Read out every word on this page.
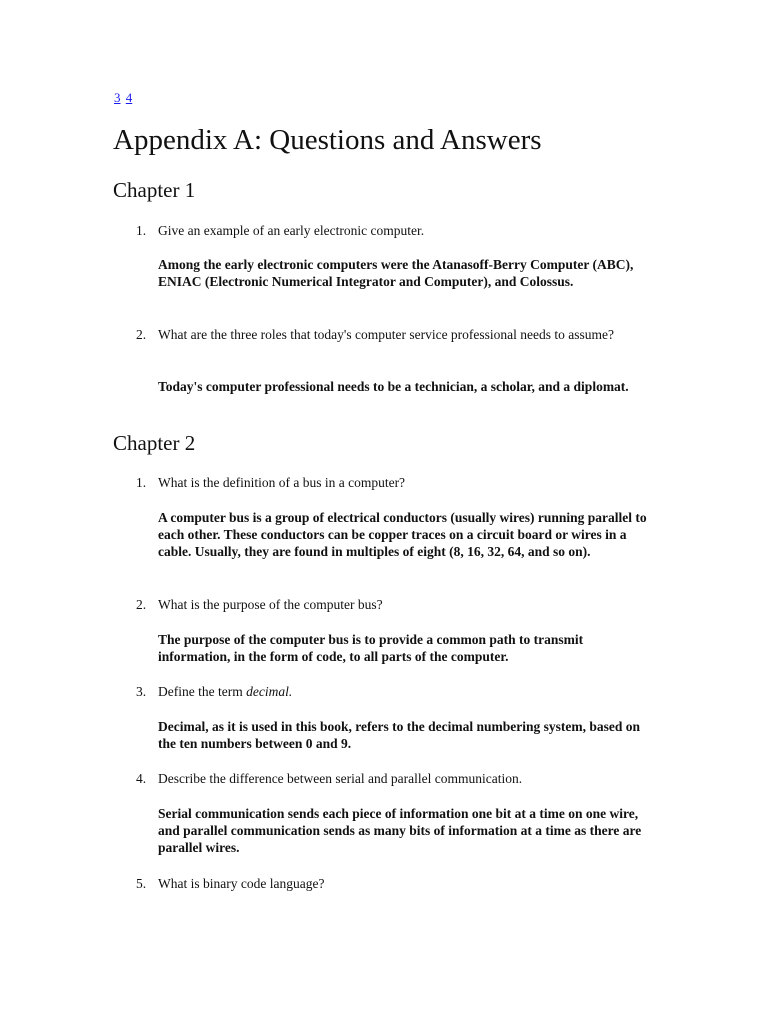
3 4
Appendix A: Questions and Answers
Chapter 1
1. Give an example of an early electronic computer.
Among the early electronic computers were the Atanasoff-Berry Computer (ABC), ENIAC (Electronic Numerical Integrator and Computer), and Colossus.
2. What are the three roles that today's computer service professional needs to assume?
Today's computer professional needs to be a technician, a scholar, and a diplomat.
Chapter 2
1. What is the definition of a bus in a computer?
A computer bus is a group of electrical conductors (usually wires) running parallel to each other. These conductors can be copper traces on a circuit board or wires in a cable. Usually, they are found in multiples of eight (8, 16, 32, 64, and so on).
2. What is the purpose of the computer bus?
The purpose of the computer bus is to provide a common path to transmit information, in the form of code, to all parts of the computer.
3. Define the term decimal.
Decimal, as it is used in this book, refers to the decimal numbering system, based on the ten numbers between 0 and 9.
4. Describe the difference between serial and parallel communication.
Serial communication sends each piece of information one bit at a time on one wire, and parallel communication sends as many bits of information at a time as there are parallel wires.
5. What is binary code language?
